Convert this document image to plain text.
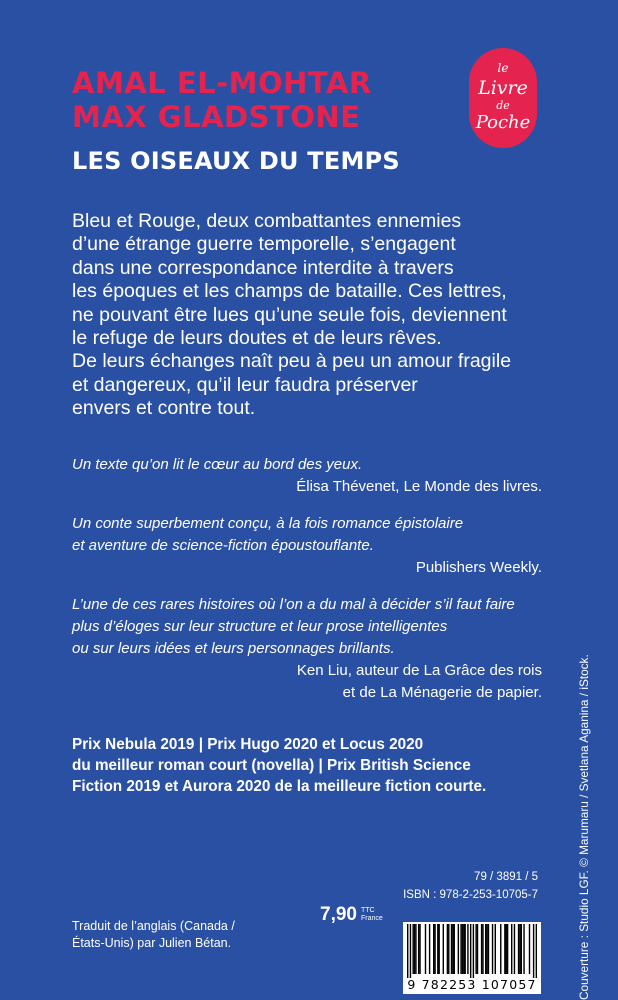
AMAL EL-MOHTAR
MAX GLADSTONE
LES OISEAUX DU TEMPS
le
Livre
de
Poche
Bleu et Rouge, deux combattantes ennemies
d’une étrange guerre temporelle, s’engagent
dans une correspondance interdite à travers
les époques et les champs de bataille. Ces lettres,
ne pouvant être lues qu’une seule fois, deviennent
le refuge de leurs doutes et de leurs rêves.
De leurs échanges naît peu à peu un amour fragile
et dangereux, qu’il leur faudra préserver
envers et contre tout.
Un texte qu’on lit le cœur au bord des yeux.
Élisa Thévenet, Le Monde des livres.
Un conte superbement conçu, à la fois romance épistolaire
et aventure de science-fiction époustouflante.
Publishers Weekly.
L’une de ces rares histoires où l’on a du mal à décider s’il faut faire
plus d’éloges sur leur structure et leur prose intelligentes
ou sur leurs idées et leurs personnages brillants.
Ken Liu, auteur de La Grâce des rois
et de La Ménagerie de papier.
Prix Nebula 2019 | Prix Hugo 2020 et Locus 2020
du meilleur roman court (novella) | Prix British Science
Fiction 2019 et Aurora 2020 de la meilleure fiction courte.	Couverture : Studio LGF. © Marumaru / Svetlana Aganina / iStock.
Traduit de l’anglais (Canada /
États-Unis) par Julien Bétan.
7,90 TTC
France
79 / 3891 / 5
ISBN : 978-2-253-10705-7
9 782253 107057
